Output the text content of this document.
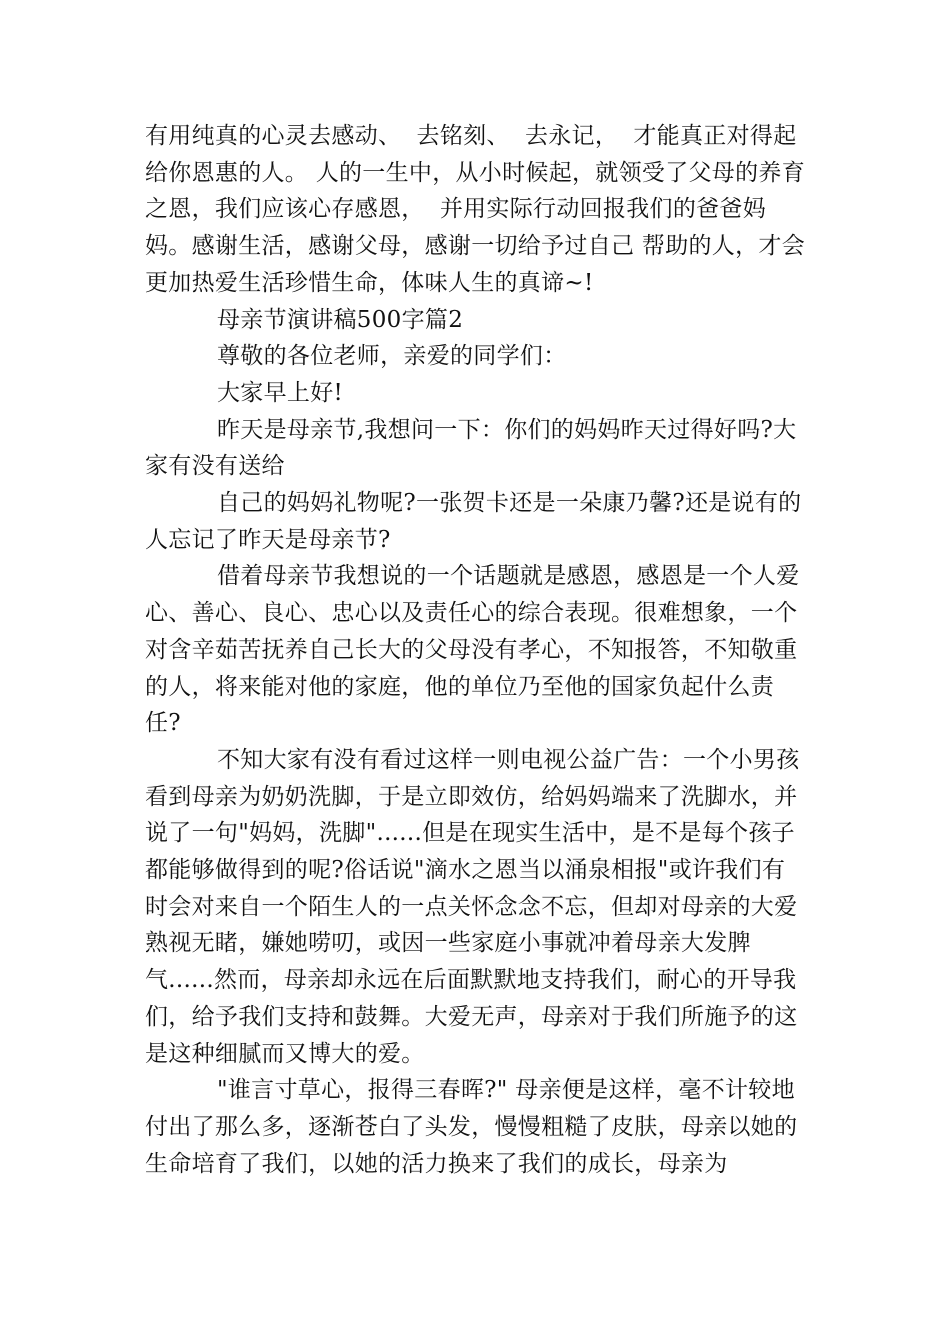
有用纯真的心灵去感动、  去铭刻、  去永记，  才能真正对得起给你恩惠的人。 人的一生中，从小时候起，就领受了父母的养育之恩，我们应该心存感恩，  并用实际行动回报我们的爸爸妈妈。感谢生活，感谢父母，感谢一切给予过自己 帮助的人，才会更加热爱生活珍惜生命，体味人生的真谛~!

母亲节演讲稿500字篇2

尊敬的各位老师，亲爱的同学们：

大家早上好!

昨天是母亲节,我想问一下：你们的妈妈昨天过得好吗?大家有没有送给

自己的妈妈礼物呢?一张贺卡还是一朵康乃馨?还是说有的人忘记了昨天是母亲节?

借着母亲节我想说的一个话题就是感恩，感恩是一个人爱心、善心、良心、忠心以及责任心的综合表现。很难想象，一个对含辛茹苦抚养自己长大的父母没有孝心，不知报答，不知敬重的人，将来能对他的家庭，他的单位乃至他的国家负起什么责任?

不知大家有没有看过这样一则电视公益广告：一个小男孩看到母亲为奶奶洗脚，于是立即效仿，给妈妈端来了洗脚水，并说了一句"妈妈，洗脚"......但是在现实生活中，是不是每个孩子都能够做得到的呢?俗话说"滴水之恩当以涌泉相报"或许我们有时会对来自一个陌生人的一点关怀念念不忘，但却对母亲的大爱熟视无睹，嫌她唠叨，或因一些家庭小事就冲着母亲大发脾气......然而，母亲却永远在后面默默地支持我们，耐心的开导我们，给予我们支持和鼓舞。大爱无声，母亲对于我们所施予的这是这种细腻而又博大的爱。

"谁言寸草心，报得三春晖?" 母亲便是这样，毫不计较地付出了那么多，逐渐苍白了头发，慢慢粗糙了皮肤，母亲以她的生命培育了我们，以她的活力换来了我们的成长，母亲为
